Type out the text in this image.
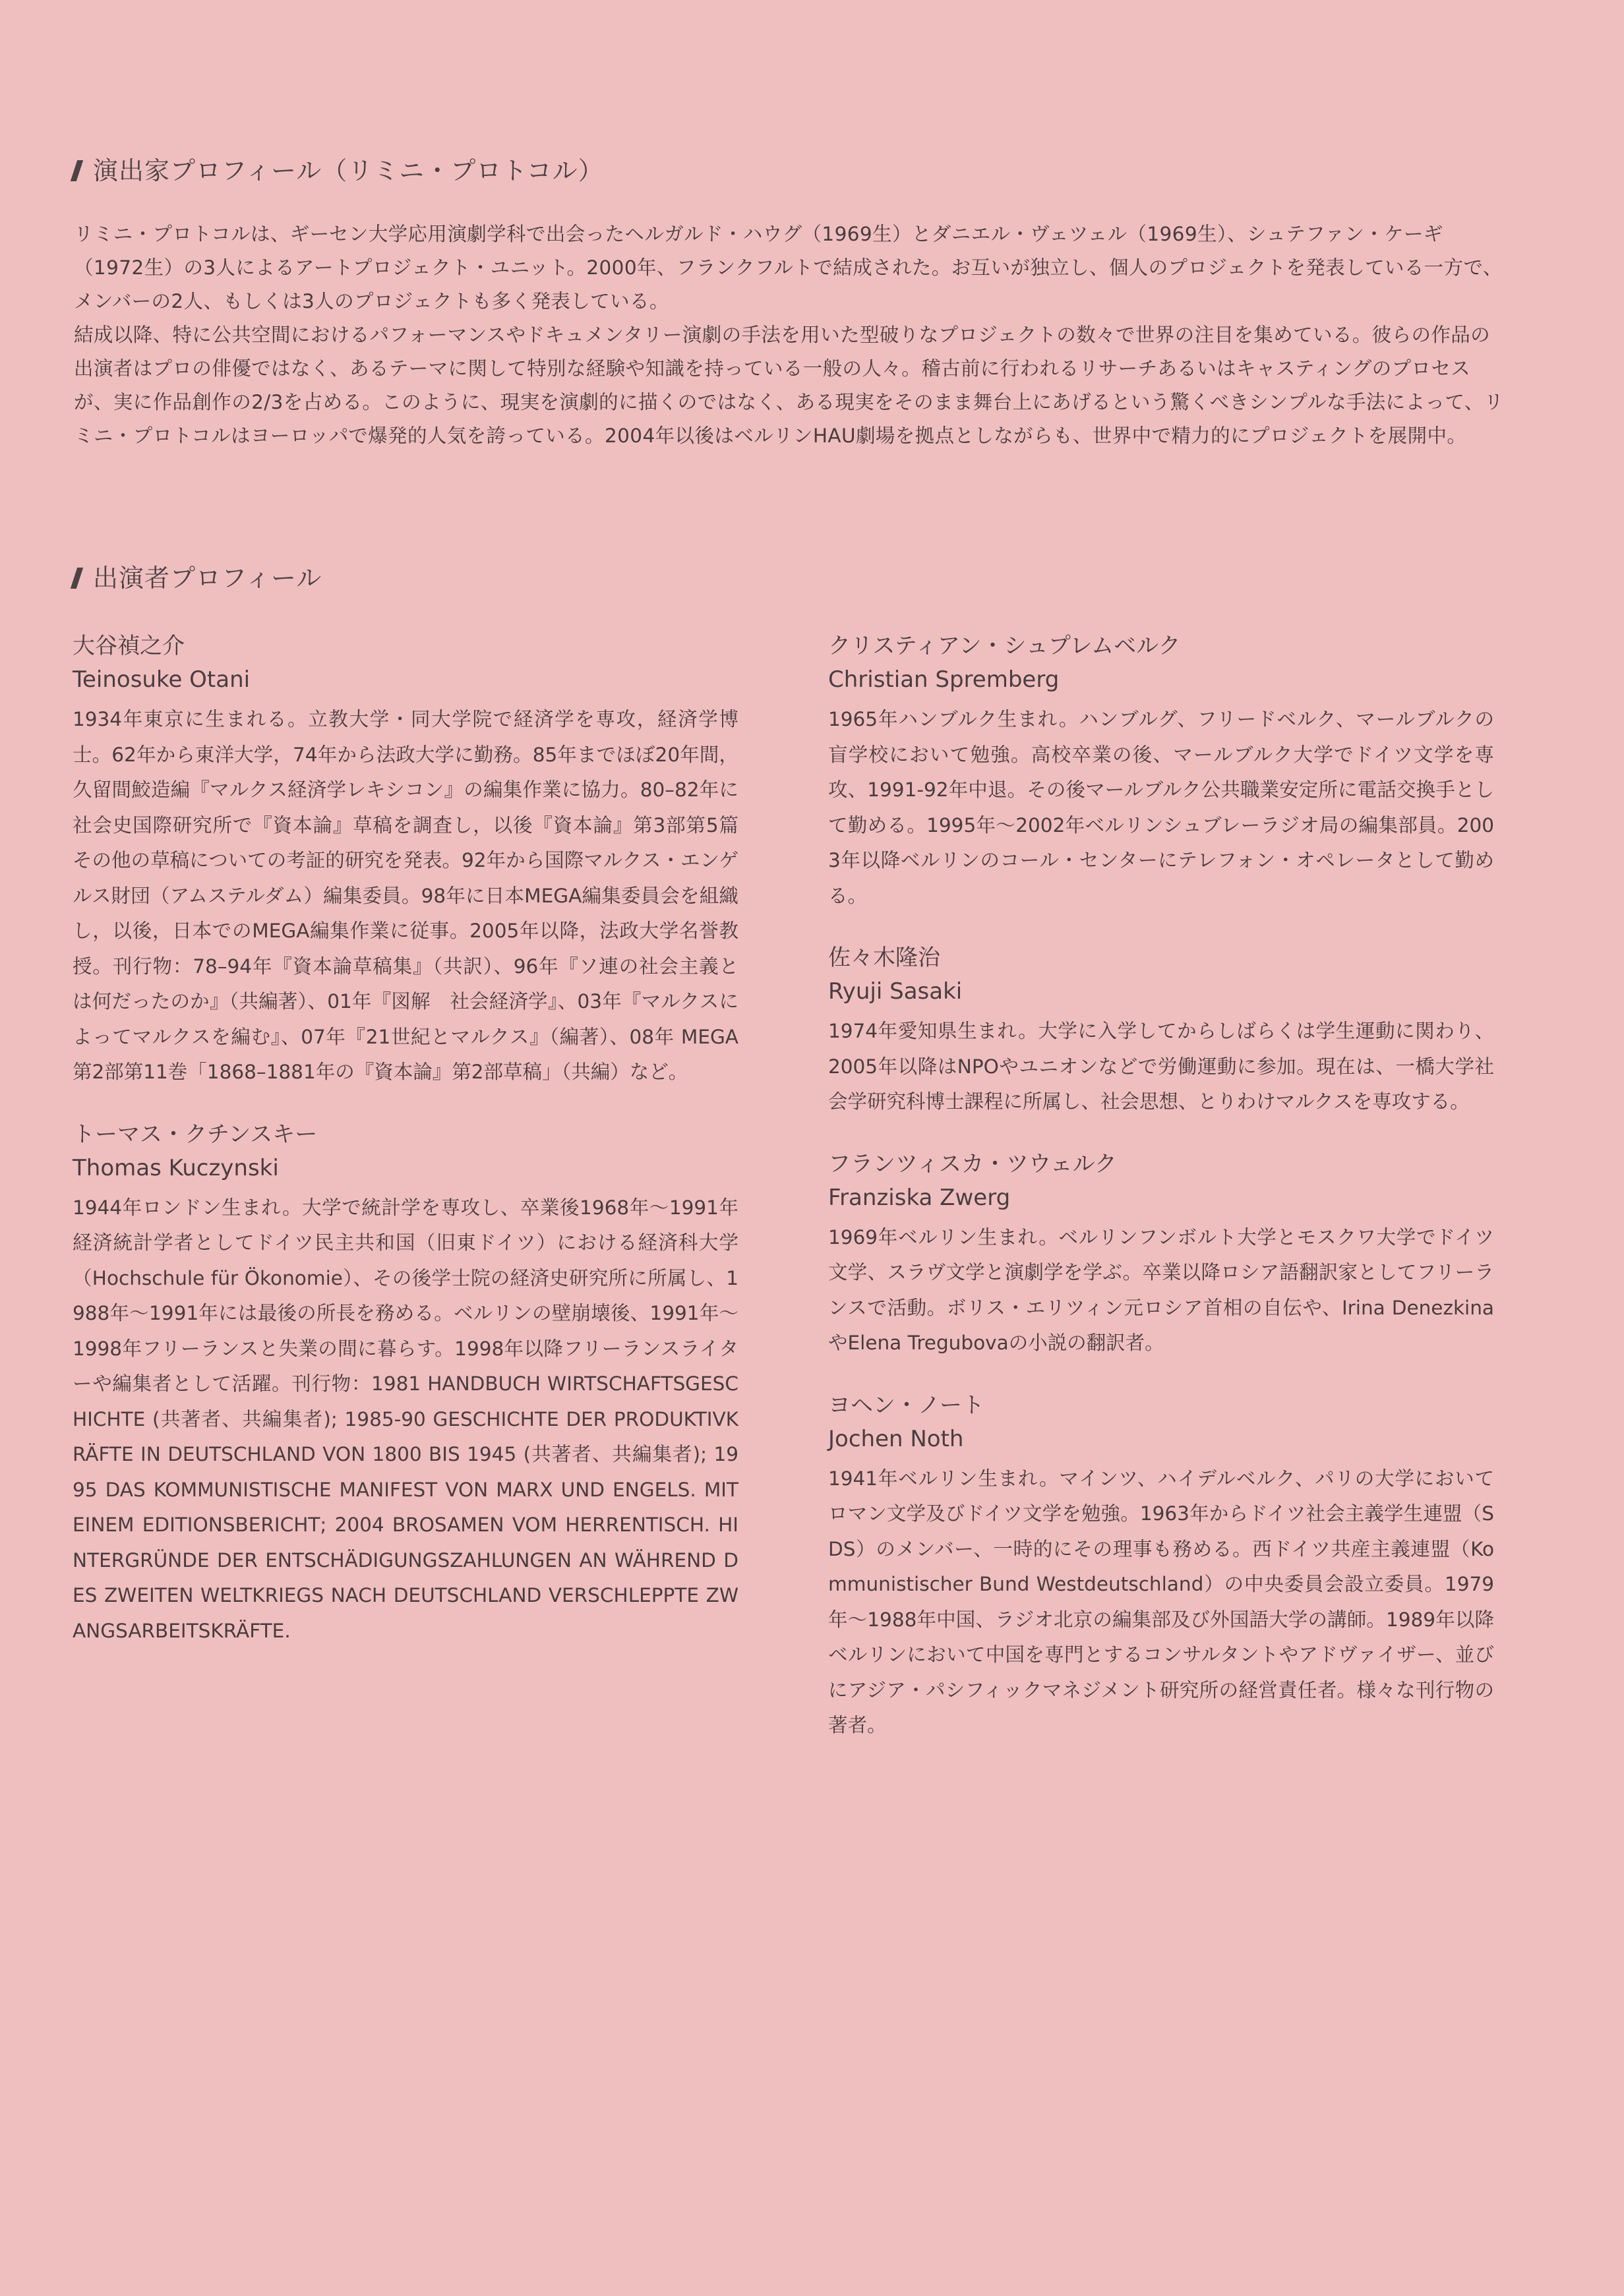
演出家プロフィール（リミニ・プロトコル）

リミニ・プロトコルは、ギーセン大学応用演劇学科で出会ったヘルガルド・ハウグ（1969生）とダニエル・ヴェツェル（1969生）、シュテファン・ケーギ（1972生）の3人によるアートプロジェクト・ユニット。2000年、フランクフルトで結成された。お互いが独立し、個人のプロジェクトを発表している一方で、メンバーの2人、もしくは3人のプロジェクトも多く発表している。

結成以降、特に公共空間におけるパフォーマンスやドキュメンタリー演劇の手法を用いた型破りなプロジェクトの数々で世界の注目を集めている。彼らの作品の出演者はプロの俳優ではなく、あるテーマに関して特別な経験や知識を持っている一般の人々。稽古前に行われるリサーチあるいはキャスティングのプロセスが、実に作品創作の2/3を占める。このように、現実を演劇的に描くのではなく、ある現実をそのまま舞台上にあげるという驚くべきシンプルな手法によって、リミニ・プロトコルはヨーロッパで爆発的人気を誇っている。2004年以後はベルリンHAU劇場を拠点としながらも、世界中で精力的にプロジェクトを展開中。

出演者プロフィール
大谷禎之介
Teinosuke Otani

1934年東京に生まれる。立教大学・同大学院で経済学を専攻，経済学博士。62年から東洋大学，74年から法政大学に勤務。85年までほぼ20年間，久留間鮫造編『マルクス経済学レキシコン』の編集作業に協力。80–82年に社会史国際研究所で『資本論』草稿を調査し，以後『資本論』第3部第5篇その他の草稿についての考証的研究を発表。92年から国際マルクス・エンゲルス財団（アムステルダム）編集委員。98年に日本MEGA編集委員会を組織し，以後，日本でのMEGA編集作業に従事。2005年以降，法政大学名誉教授。刊行物：78–94年『資本論草稿集』（共訳）、96年『ソ連の社会主義とは何だったのか』（共編著）、01年『図解　社会経済学』、03年『マルクスによってマルクスを編む』、07年『21世紀とマルクス』（編著）、08年 MEGA第2部第11巻「1868–1881年の『資本論』第2部草稿」（共編）など。

トーマス・クチンスキー
Thomas Kuczynski

1944年ロンドン生まれ。大学で統計学を専攻し、卒業後1968年～1991年経済統計学者としてドイツ民主共和国（旧東ドイツ）における経済科大学（Hochschule für Ökonomie）、その後学士院の経済史研究所に所属し、1988年～1991年には最後の所長を務める。ベルリンの壁崩壊後、1991年～1998年フリーランスと失業の間に暮らす。1998年以降フリーランスライターや編集者として活躍。刊行物：1981 HANDBUCH WIRTSCHAFTSGESCHICHTE (共著者、共編集者); 1985-90 GESCHICHTE DER PRODUKTIVKRÄFTE IN DEUTSCHLAND VON 1800 BIS 1945 (共著者、共編集者); 1995 DAS KOMMUNISTISCHE MANIFEST VON MARX UND ENGELS. MIT EINEM EDITIONSBERICHT; 2004 BROSAMEN VOM HERRENTISCH. HINTERGRÜNDE DER ENTSCHÄDIGUNGSZAHLUNGEN AN WÄHREND DES ZWEITEN WELTKRIEGS NACH DEUTSCHLAND VERSCHLEPPTE ZWANGSARBEITSKRÄFTE.

クリスティアン・シュプレムベルク
Christian Spremberg

1965年ハンブルク生まれ。ハンブルグ、フリードベルク、マールブルクの盲学校において勉強。高校卒業の後、マールブルク大学でドイツ文学を専攻、1991-92年中退。その後マールブルク公共職業安定所に電話交換手として勤める。1995年～2002年ベルリンシュブレーラジオ局の編集部員。2003年以降ベルリンのコール・センターにテレフォン・オペレータとして勤める。

佐々木隆治
Ryuji Sasaki

1974年愛知県生まれ。大学に入学してからしばらくは学生運動に関わり、2005年以降はNPOやユニオンなどで労働運動に参加。現在は、一橋大学社会学研究科博士課程に所属し、社会思想、とりわけマルクスを専攻する。

フランツィスカ・ツウェルク
Franziska Zwerg

1969年ベルリン生まれ。ベルリンフンボルト大学とモスクワ大学でドイツ文学、スラヴ文学と演劇学を学ぶ。卒業以降ロシア語翻訳家としてフリーランスで活動。ボリス・エリツィン元ロシア首相の自伝や、Irina DenezkinaやElena Tregubovaの小説の翻訳者。

ヨヘン・ノート
Jochen Noth

1941年ベルリン生まれ。マインツ、ハイデルベルク、パリの大学においてロマン文学及びドイツ文学を勉強。1963年からドイツ社会主義学生連盟（SDS）のメンバー、一時的にその理事も務める。西ドイツ共産主義連盟（Kommunistischer Bund Westdeutschland）の中央委員会設立委員。1979年～1988年中国、ラジオ北京の編集部及び外国語大学の講師。1989年以降ベルリンにおいて中国を専門とするコンサルタントやアドヴァイザー、並びにアジア・パシフィックマネジメント研究所の経営責任者。様々な刊行物の著者。
